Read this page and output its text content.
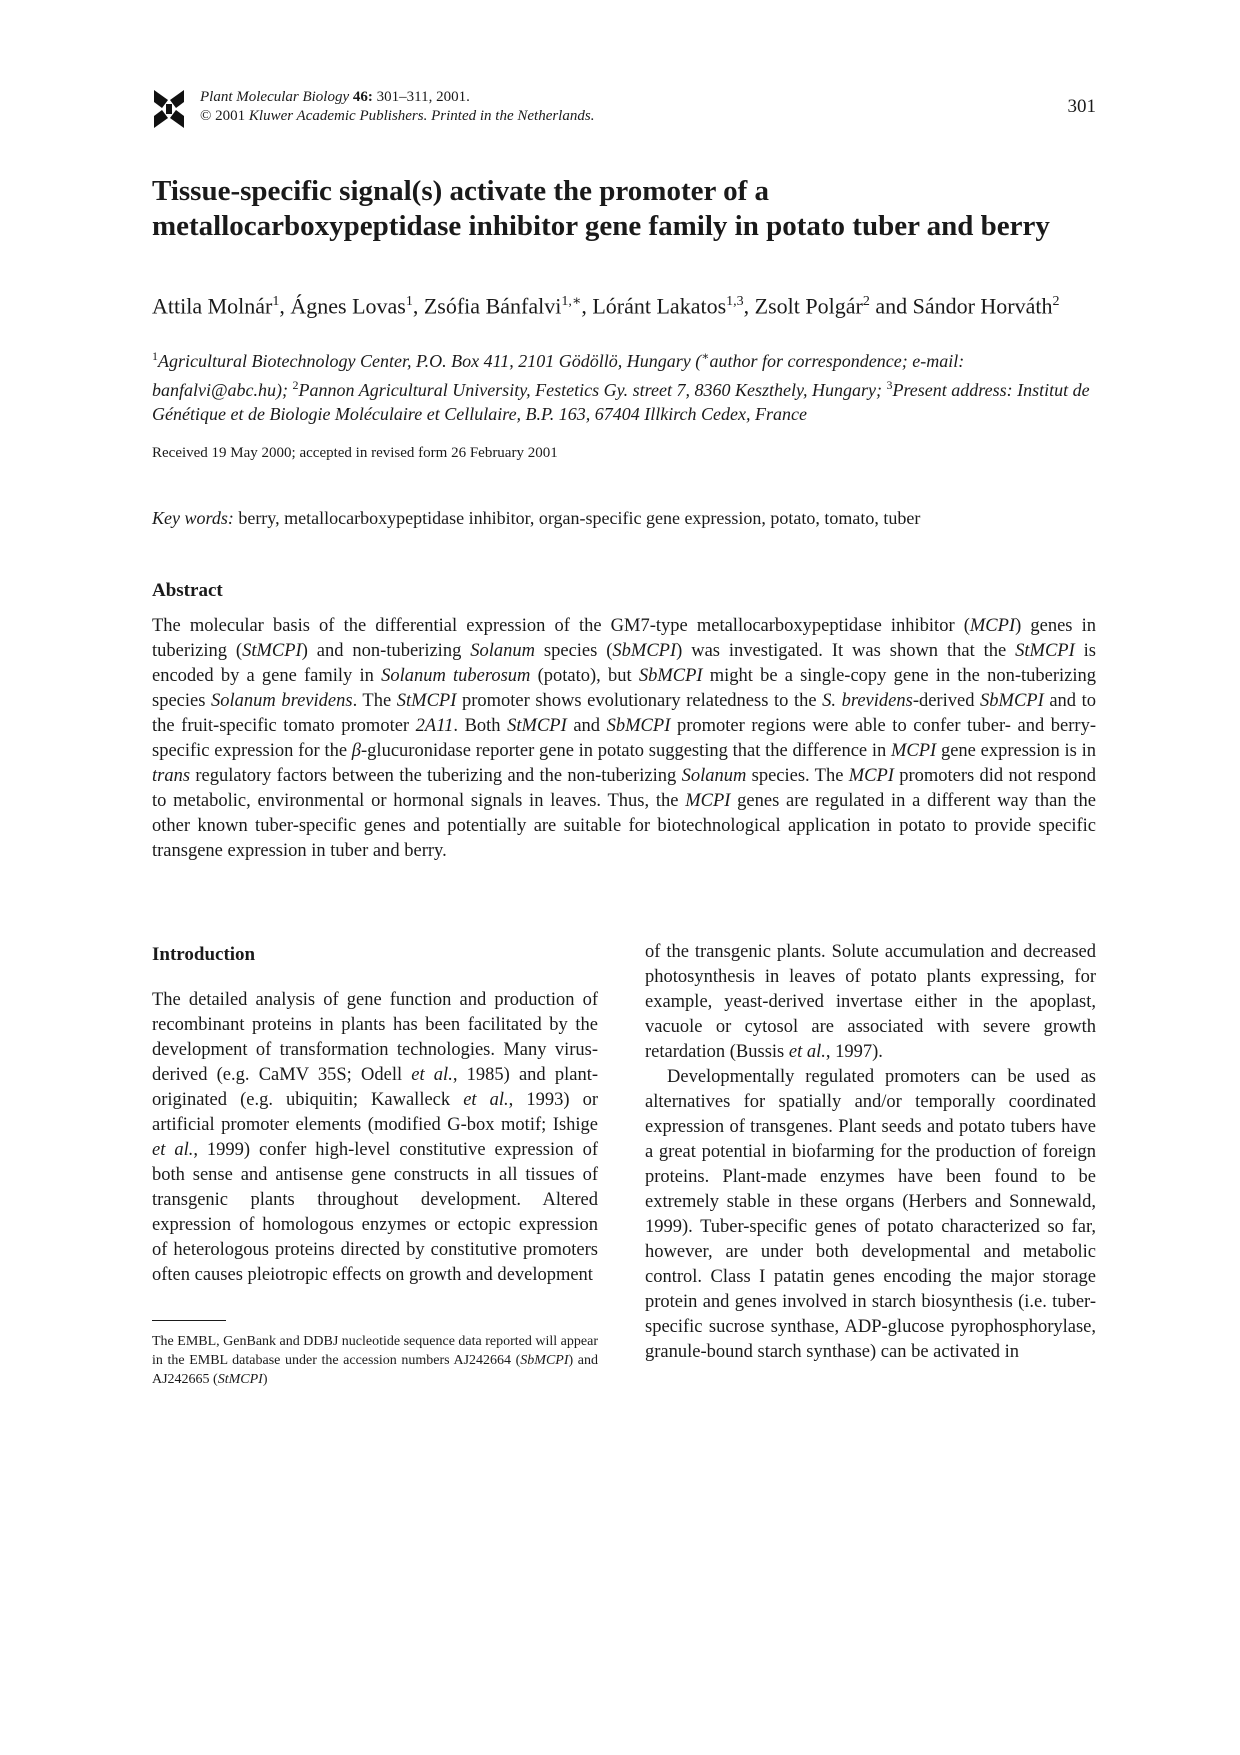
Plant Molecular Biology 46: 301–311, 2001.
© 2001 Kluwer Academic Publishers. Printed in the Netherlands.	301
Tissue-specific signal(s) activate the promoter of a
metallocarboxypeptidase inhibitor gene family in potato tuber and berry
Attila Molnár$^1$, Ágnes Lovas$^1$, Zsófia Bánfalvi$^{1,∗}$, Lóránt Lakatos$^{1,3}$, Zsolt Polgár$^2$ and Sándor Horváth$^2$
$^1$Agricultural Biotechnology Center, P.O. Box 411, 2101 Gödöllö, Hungary (∗author for correspondence; e-mail: banfalvi@abc.hu); $^2$Pannon Agricultural University, Festetics Gy. street 7, 8360 Keszthely, Hungary; $^3$Present address: Institut de Génétique et de Biologie Moléculaire et Cellulaire, B.P. 163, 67404 Illkirch Cedex, France
Received 19 May 2000; accepted in revised form 26 February 2001
Key words: berry, metallocarboxypeptidase inhibitor, organ-specific gene expression, potato, tomato, tuber
Abstract
The molecular basis of the differential expression of the GM7-type metallocarboxypeptidase inhibitor (MCPI) genes in tuberizing (StMCPI) and non-tuberizing Solanum species (SbMCPI) was investigated. It was shown that the StMCPI is encoded by a gene family in Solanum tuberosum (potato), but SbMCPI might be a single-copy gene in the non-tuberizing species Solanum brevidens. The StMCPI promoter shows evolutionary relatedness to the S. brevidens-derived SbMCPI and to the fruit-specific tomato promoter 2A11. Both StMCPI and SbMCPI promoter regions were able to confer tuber- and berry-specific expression for the β-glucuronidase reporter gene in potato suggesting that the difference in MCPI gene expression is in trans regulatory factors between the tuberizing and the non-tuberizing Solanum species. The MCPI promoters did not respond to metabolic, environmental or hormonal signals in leaves. Thus, the MCPI genes are regulated in a different way than the other known tuber-specific genes and potentially are suitable for biotechnological application in potato to provide specific transgene expression in tuber and berry.
Introduction
The detailed analysis of gene function and production of recombinant proteins in plants has been facilitated by the development of transformation technologies. Many virus-derived (e.g. CaMV 35S; Odell et al., 1985) and plant-originated (e.g. ubiquitin; Kawalleck et al., 1993) or artificial promoter elements (modified G-box motif; Ishige et al., 1999) confer high-level constitutive expression of both sense and antisense gene constructs in all tissues of transgenic plants throughout development. Altered expression of homologous enzymes or ectopic expression of heterologous proteins directed by constitutive promoters often causes pleiotropic effects on growth and development

of the transgenic plants. Solute accumulation and decreased photosynthesis in leaves of potato plants expressing, for example, yeast-derived invertase either in the apoplast, vacuole or cytosol are associated with severe growth retardation (Bussis et al., 1997).

Developmentally regulated promoters can be used as alternatives for spatially and/or temporally coordinated expression of transgenes. Plant seeds and potato tubers have a great potential in biofarming for the production of foreign proteins. Plant-made enzymes have been found to be extremely stable in these organs (Herbers and Sonnewald, 1999). Tuber-specific genes of potato characterized so far, however, are under both developmental and metabolic control. Class I patatin genes encoding the major storage protein and genes involved in starch biosynthesis (i.e. tuber-specific sucrose synthase, ADP-glucose pyrophosphorylase, granule-bound starch synthase) can be activated in

The EMBL, GenBank and DDBJ nucleotide sequence data reported will appear in the EMBL database under the accession numbers AJ242664 (SbMCPI) and AJ242665 (StMCPI)
